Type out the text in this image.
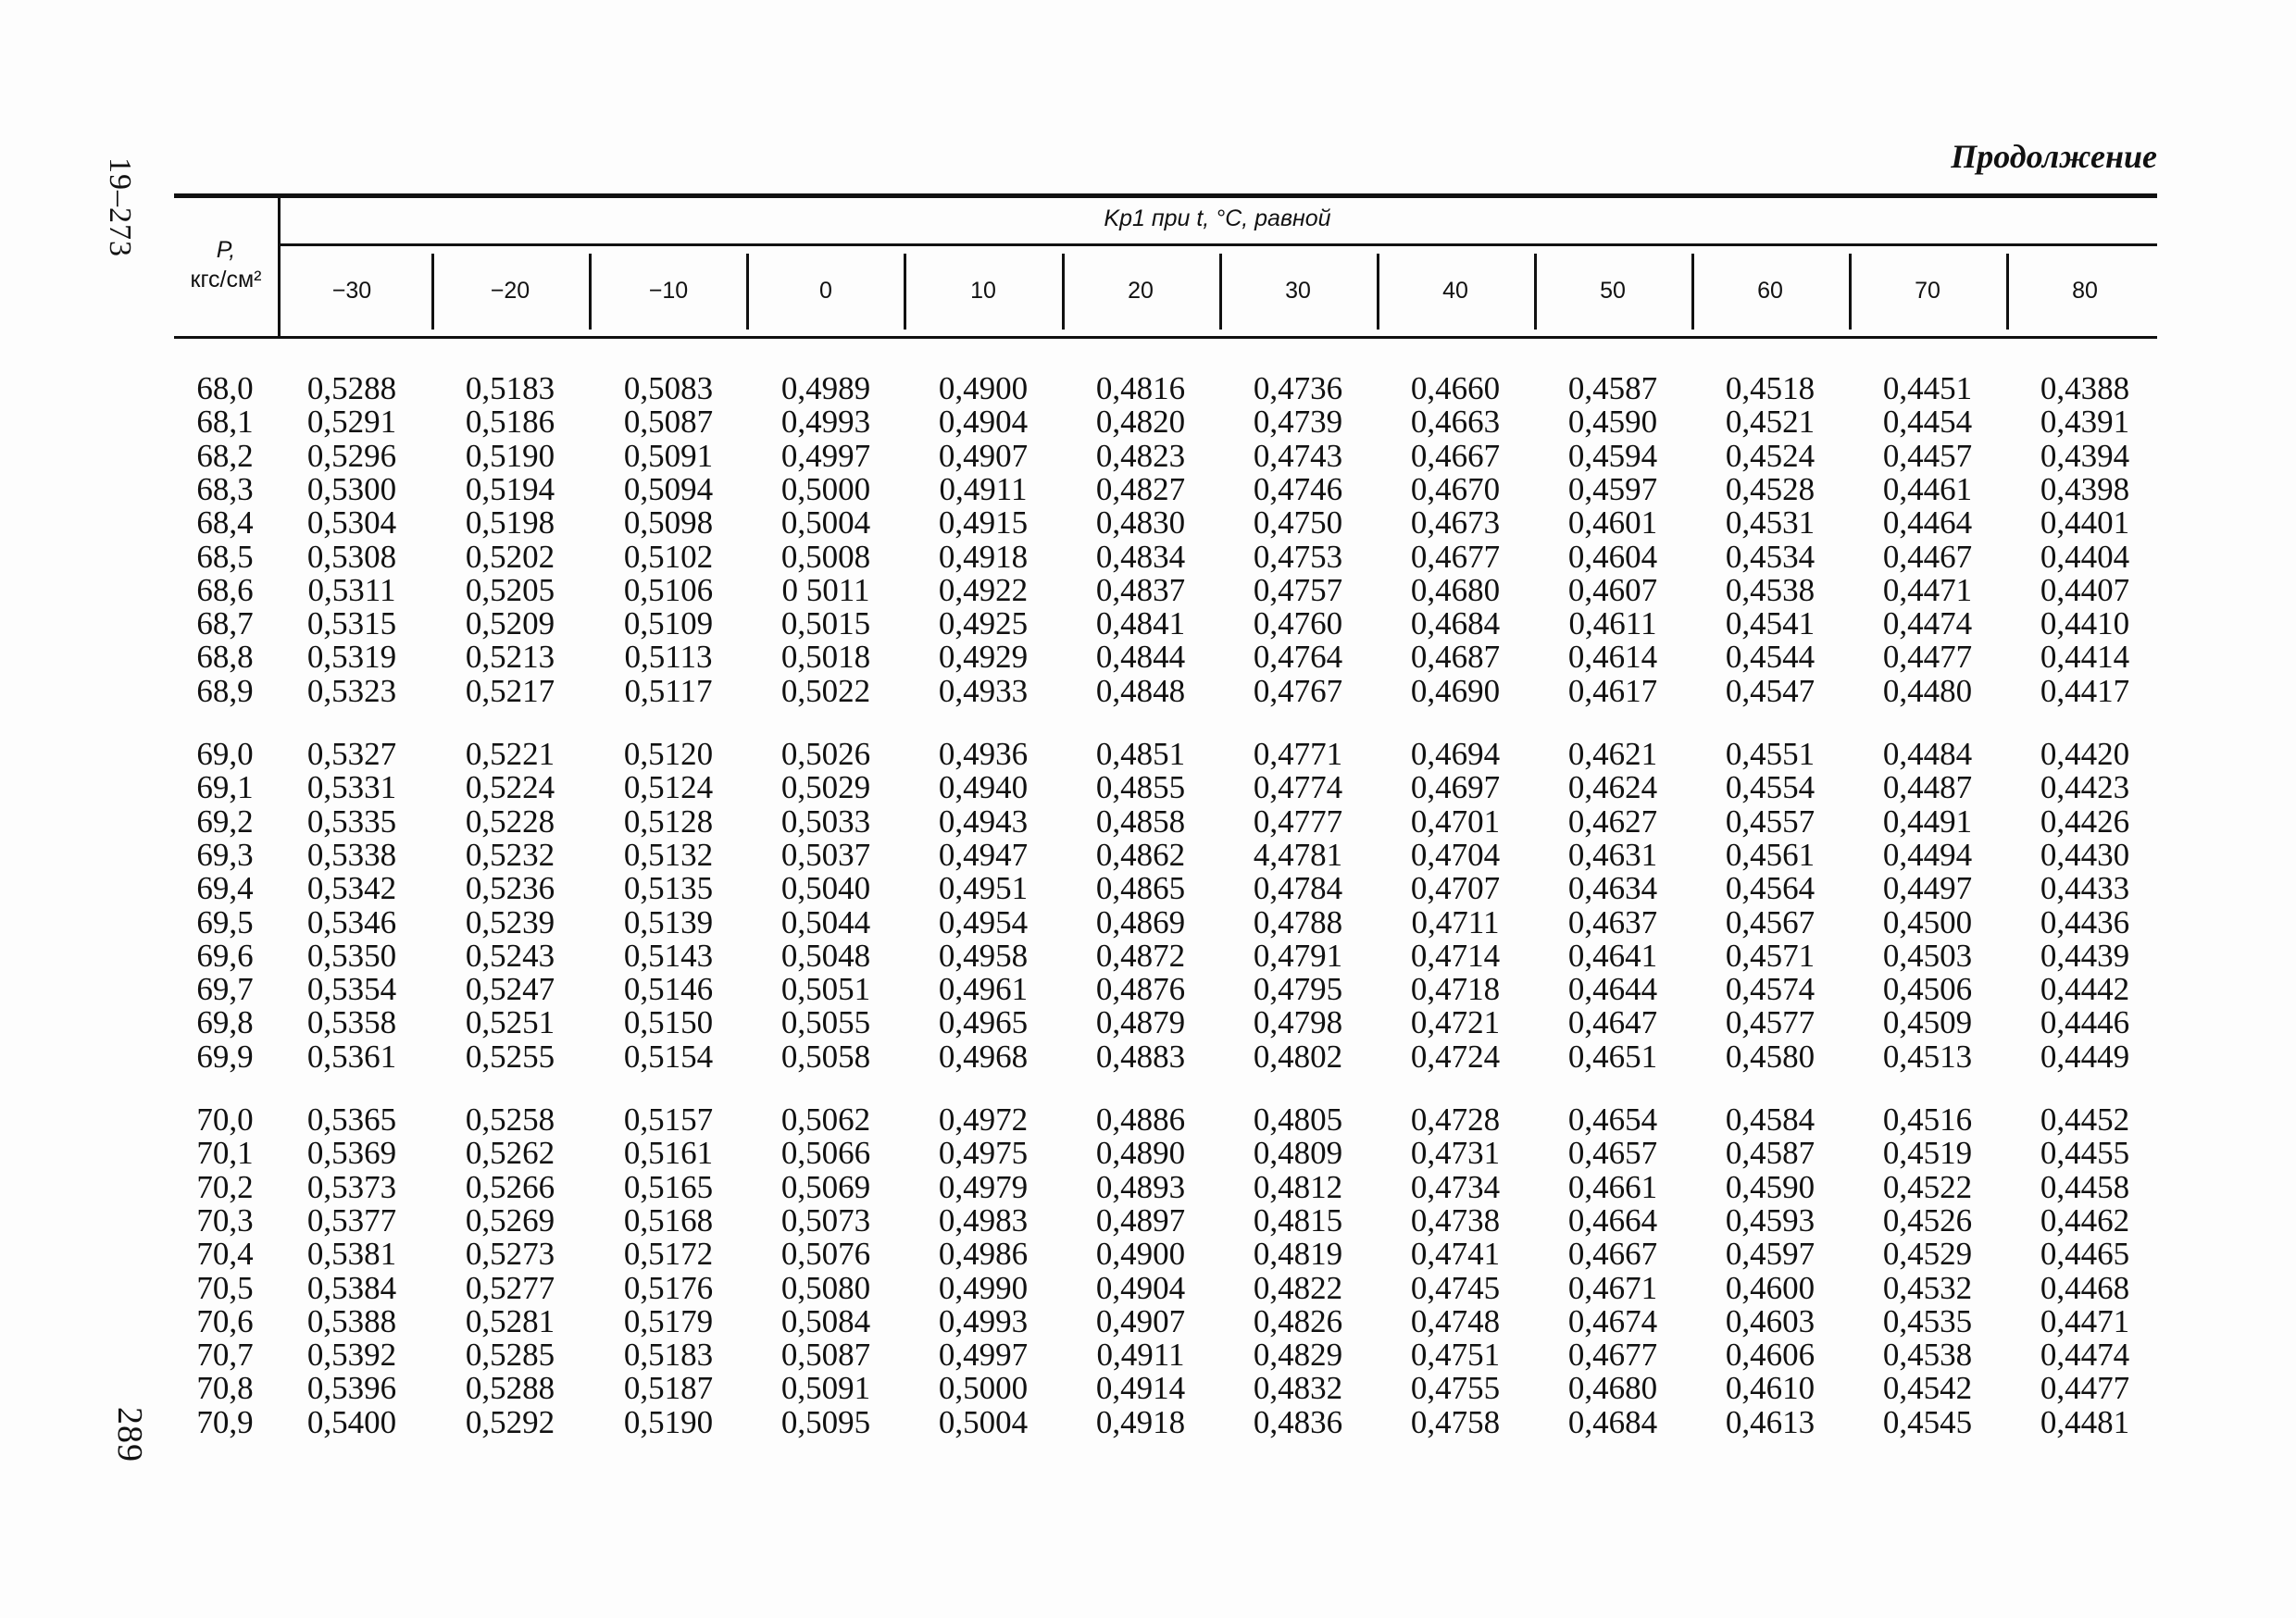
19–273
289
Продолжение
P,
кгс/см²
Kp1 при t, °C, равной
−30	−20	−10	0	10	20	30	40	50	60	70	80
68,0	0,5288	0,5183	0,5083	0,4989	0,4900	0,4816	0,4736	0,4660	0,4587	0,4518	0,4451	0,4388
68,1	0,5291	0,5186	0,5087	0,4993	0,4904	0,4820	0,4739	0,4663	0,4590	0,4521	0,4454	0,4391
68,2	0,5296	0,5190	0,5091	0,4997	0,4907	0,4823	0,4743	0,4667	0,4594	0,4524	0,4457	0,4394
68,3	0,5300	0,5194	0,5094	0,5000	0,4911	0,4827	0,4746	0,4670	0,4597	0,4528	0,4461	0,4398
68,4	0,5304	0,5198	0,5098	0,5004	0,4915	0,4830	0,4750	0,4673	0,4601	0,4531	0,4464	0,4401
68,5	0,5308	0,5202	0,5102	0,5008	0,4918	0,4834	0,4753	0,4677	0,4604	0,4534	0,4467	0,4404
68,6	0,5311	0,5205	0,5106	0 5011	0,4922	0,4837	0,4757	0,4680	0,4607	0,4538	0,4471	0,4407
68,7	0,5315	0,5209	0,5109	0,5015	0,4925	0,4841	0,4760	0,4684	0,4611	0,4541	0,4474	0,4410
68,8	0,5319	0,5213	0,5113	0,5018	0,4929	0,4844	0,4764	0,4687	0,4614	0,4544	0,4477	0,4414
68,9	0,5323	0,5217	0,5117	0,5022	0,4933	0,4848	0,4767	0,4690	0,4617	0,4547	0,4480	0,4417
69,0	0,5327	0,5221	0,5120	0,5026	0,4936	0,4851	0,4771	0,4694	0,4621	0,4551	0,4484	0,4420
69,1	0,5331	0,5224	0,5124	0,5029	0,4940	0,4855	0,4774	0,4697	0,4624	0,4554	0,4487	0,4423
69,2	0,5335	0,5228	0,5128	0,5033	0,4943	0,4858	0,4777	0,4701	0,4627	0,4557	0,4491	0,4426
69,3	0,5338	0,5232	0,5132	0,5037	0,4947	0,4862	4,4781	0,4704	0,4631	0,4561	0,4494	0,4430
69,4	0,5342	0,5236	0,5135	0,5040	0,4951	0,4865	0,4784	0,4707	0,4634	0,4564	0,4497	0,4433
69,5	0,5346	0,5239	0,5139	0,5044	0,4954	0,4869	0,4788	0,4711	0,4637	0,4567	0,4500	0,4436
69,6	0,5350	0,5243	0,5143	0,5048	0,4958	0,4872	0,4791	0,4714	0,4641	0,4571	0,4503	0,4439
69,7	0,5354	0,5247	0,5146	0,5051	0,4961	0,4876	0,4795	0,4718	0,4644	0,4574	0,4506	0,4442
69,8	0,5358	0,5251	0,5150	0,5055	0,4965	0,4879	0,4798	0,4721	0,4647	0,4577	0,4509	0,4446
69,9	0,5361	0,5255	0,5154	0,5058	0,4968	0,4883	0,4802	0,4724	0,4651	0,4580	0,4513	0,4449
70,0	0,5365	0,5258	0,5157	0,5062	0,4972	0,4886	0,4805	0,4728	0,4654	0,4584	0,4516	0,4452
70,1	0,5369	0,5262	0,5161	0,5066	0,4975	0,4890	0,4809	0,4731	0,4657	0,4587	0,4519	0,4455
70,2	0,5373	0,5266	0,5165	0,5069	0,4979	0,4893	0,4812	0,4734	0,4661	0,4590	0,4522	0,4458
70,3	0,5377	0,5269	0,5168	0,5073	0,4983	0,4897	0,4815	0,4738	0,4664	0,4593	0,4526	0,4462
70,4	0,5381	0,5273	0,5172	0,5076	0,4986	0,4900	0,4819	0,4741	0,4667	0,4597	0,4529	0,4465
70,5	0,5384	0,5277	0,5176	0,5080	0,4990	0,4904	0,4822	0,4745	0,4671	0,4600	0,4532	0,4468
70,6	0,5388	0,5281	0,5179	0,5084	0,4993	0,4907	0,4826	0,4748	0,4674	0,4603	0,4535	0,4471
70,7	0,5392	0,5285	0,5183	0,5087	0,4997	0,4911	0,4829	0,4751	0,4677	0,4606	0,4538	0,4474
70,8	0,5396	0,5288	0,5187	0,5091	0,5000	0,4914	0,4832	0,4755	0,4680	0,4610	0,4542	0,4477
70,9	0,5400	0,5292	0,5190	0,5095	0,5004	0,4918	0,4836	0,4758	0,4684	0,4613	0,4545	0,4481
